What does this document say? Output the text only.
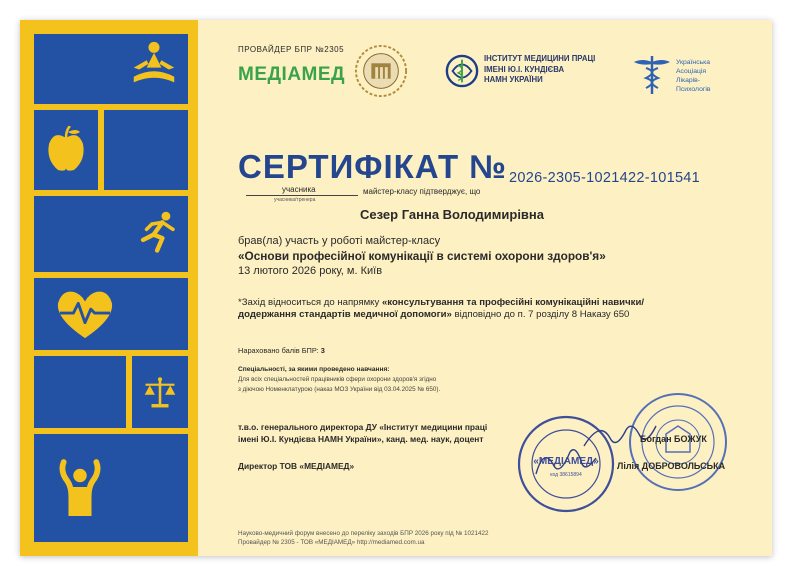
ПРОВАЙДЕР БПР №2305
МЕДІАМЕД
ІНСТИТУТ МЕДИЦИНИ ПРАЦІ
ІМЕНІ Ю.І. КУНДІЄВА
НАМН УКРАЇНИ
Українська
Асоціація
Лікарів-
Психологів
СЕРТИФІКАТ № 2026-2305-1021422-101541
учасника
учасника/тренера
майстер-класу підтверджує, що
Сезер Ганна Володимирівна
брав(ла) участь у роботі майстер-класу
«Основи професійної комунікації в системі охорони здоров'я»
13 лютого 2026 року, м. Київ
*Захід відноситься до напрямку «консультування та професійні комунікаційні навички/
додержання стандартів медичної допомоги» відповідно до п. 7 розділу 8 Наказу 650
Нараховано балів БПР: 3
Спеціальності, за якими проведено навчання:
Для всіх спеціальностей працівників сфери охорони здоров'я згідно
з діючою Номенклатурою (наказ МОЗ України від 03.04.2025 № 650).
«МЕДІАМЕД»
код 38615894
т.в.о. генерального директора ДУ «Інститут медицини праці
імені Ю.І. Кундієва НАМН України», канд. мед. наук, доцент	Богдан БОЖУК
Директор ТОВ «МЕДІАМЕД»	Лілія ДОБРОВОЛЬСЬКА
Науково-медичний форум внесено до переліку заходів БПР 2026 року під № 1021422
Провайдер № 2305 - ТОВ «МЕДІАМЕД» http://mediamed.com.ua
